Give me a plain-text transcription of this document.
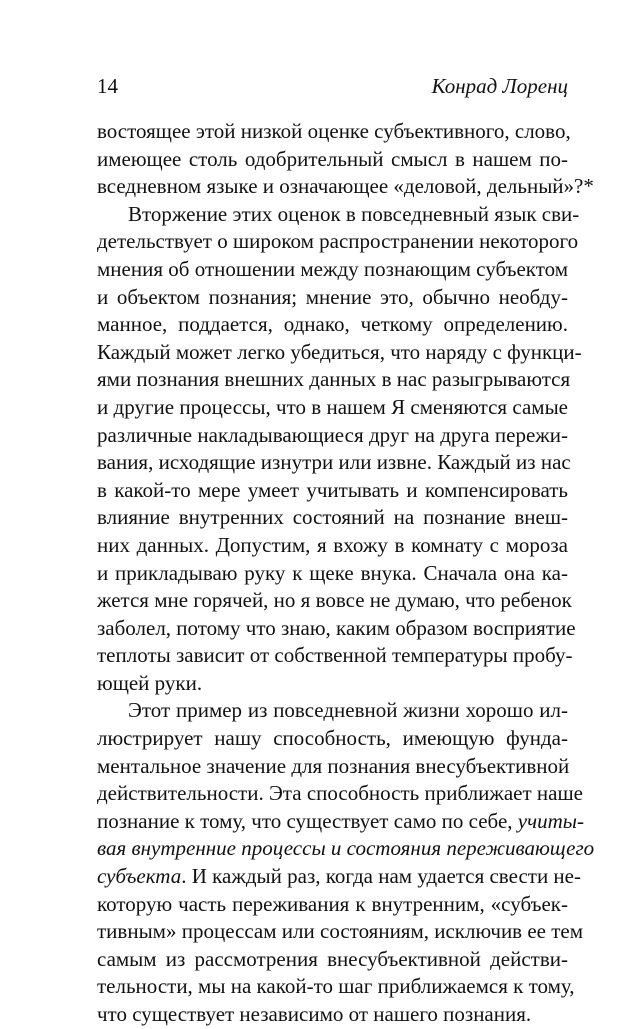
14	Конрад Лоренц

востоящее этой низкой оценке субъективного, слово,
имеющее столь одобрительный смысл в нашем по-
вседневном языке и означающее «деловой, дельный»?*

Вторжение этих оценок в повседневный язык сви-
детельствует о широком распространении некоторого
мнения об отношении между познающим субъектом
и объектом познания; мнение это, обычно необду-
манное, поддается, однако, четкому определению.
Каждый может легко убедиться, что наряду с функци-
ями познания внешних данных в нас разыгрываются
и другие процессы, что в нашем Я сменяются самые
различные накладывающиеся друг на друга пережи-
вания, исходящие изнутри или извне. Каждый из нас
в какой-то мере умеет учитывать и компенсировать
влияние внутренних состояний на познание внеш-
них данных. Допустим, я вхожу в комнату с мороза
и прикладываю руку к щеке внука. Сначала она ка-
жется мне горячей, но я вовсе не думаю, что ребенок
заболел, потому что знаю, каким образом восприятие
теплоты зависит от собственной температуры пробу-
ющей руки.

Этот пример из повседневной жизни хорошо ил-
люстрирует нашу способность, имеющую фунда-
ментальное значение для познания внесубъективной
действительности. Эта способность приближает наше
познание к тому, что существует само по себе, учиты-
вая внутренние процессы и состояния переживающего
субъекта. И каждый раз, когда нам удается свести не-
которую часть переживания к внутренним, «субъек-
тивным» процессам или состояниям, исключив ее тем
самым из рассмотрения внесубъективной действи-
тельности, мы на какой-то шаг приближаемся к тому,
что существует независимо от нашего познания.
